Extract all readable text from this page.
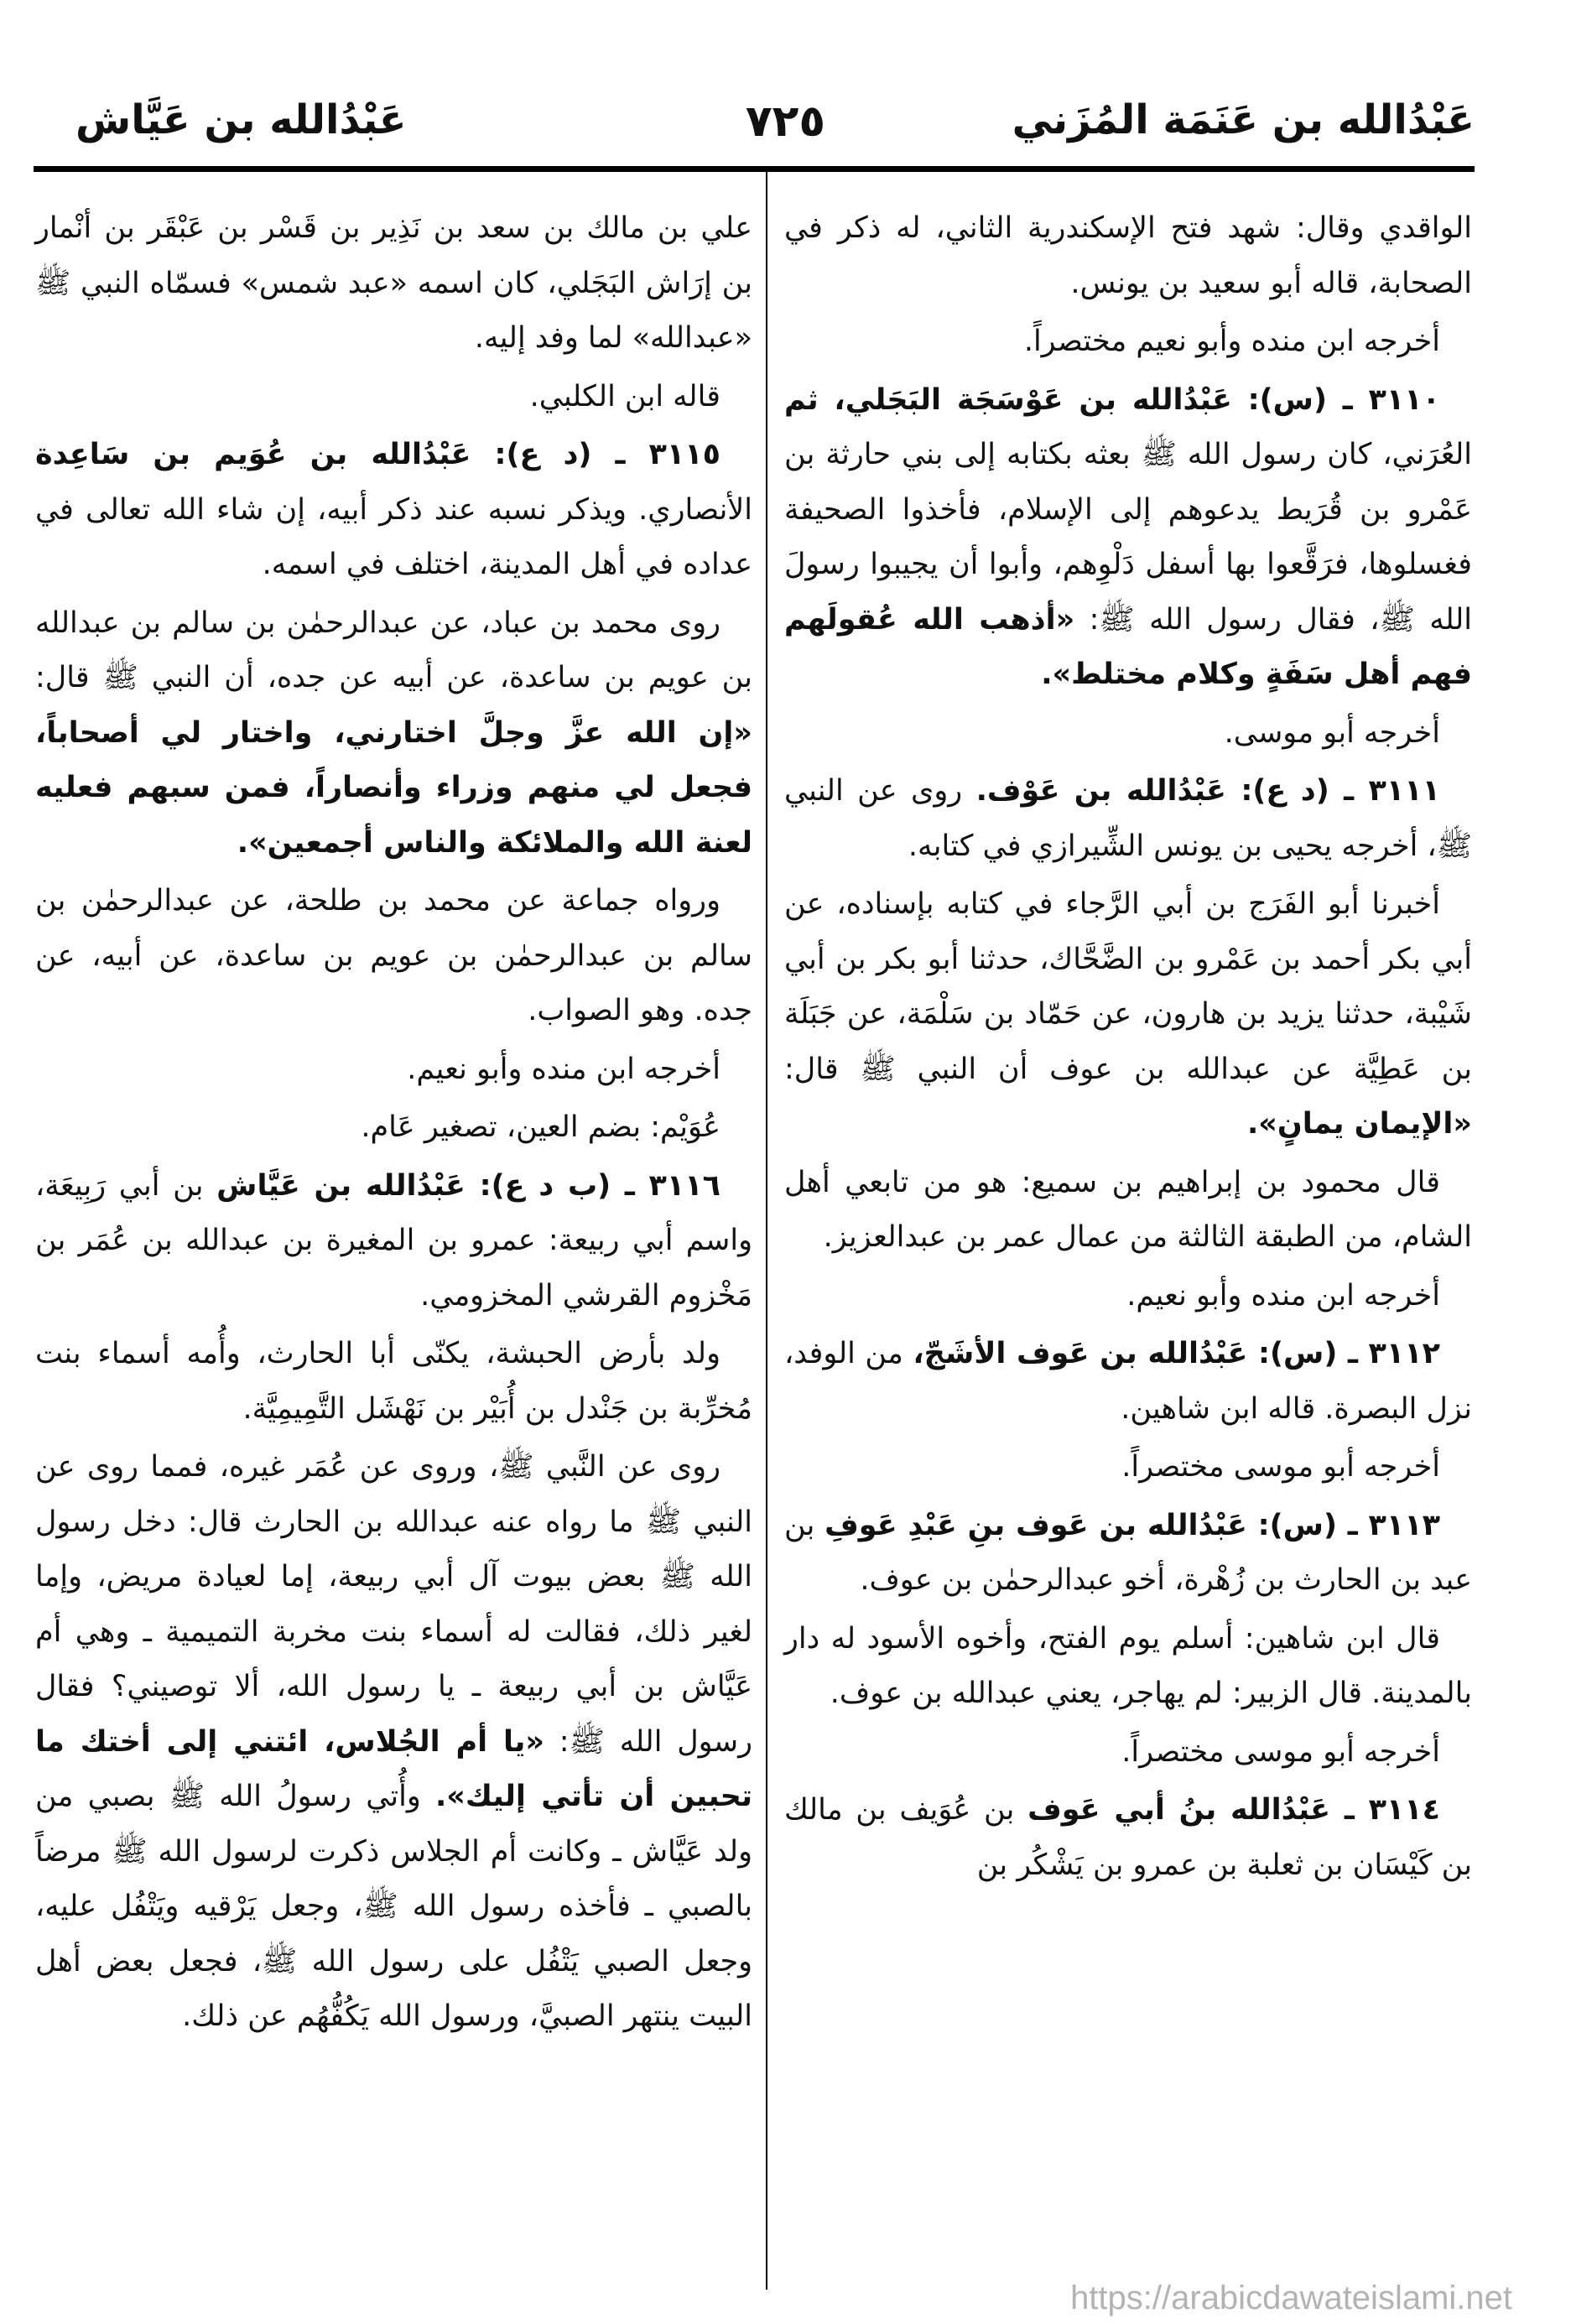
عَبْدُالله بن عَنَمَة المُزَني
٧٢٥
عَبْدُالله بن عَيَّاش

الواقدي وقال: شهد فتح الإسكندرية الثاني، له ذكر في الصحابة، قاله أبو سعيد بن يونس.

أخرجه ابن منده وأبو نعيم مختصراً.

٣١١٠ ـ (س): عَبْدُالله بن عَوْسَجَة البَجَلي، ثم العُرَني، كان رسول الله ﷺ بعثه بكتابه إلى بني حارثة بن عَمْرو بن قُرَيط يدعوهم إلى الإسلام، فأخذوا الصحيفة فغسلوها، فرَقَّعوا بها أسفل دَلْوِهم، وأبوا أن يجيبوا رسولَ الله ﷺ، فقال رسول الله ﷺ: «أذهب الله عُقولَهم فهم أهل سَفَةٍ وكلام مختلط».

أخرجه أبو موسى.

٣١١١ ـ (د ع): عَبْدُالله بن عَوْف. روى عن النبي ﷺ، أخرجه يحيى بن يونس الشِّيرازي في كتابه.

أخبرنا أبو الفَرَج بن أبي الرَّجاء في كتابه بإسناده، عن أبي بكر أحمد بن عَمْرو بن الضَّحَّاك، حدثنا أبو بكر بن أبي شَيْبة، حدثنا يزيد بن هارون، عن حَمّاد بن سَلْمَة، عن جَبَلَة بن عَطِيَّة عن عبدالله بن عوف أن النبي ﷺ قال: «الإيمان يمانٍ».

قال محمود بن إبراهيم بن سميع: هو من تابعي أهل الشام، من الطبقة الثالثة من عمال عمر بن عبدالعزيز.

أخرجه ابن منده وأبو نعيم.

٣١١٢ ـ (س): عَبْدُالله بن عَوف الأشَجّ، من الوفد، نزل البصرة. قاله ابن شاهين.

أخرجه أبو موسى مختصراً.

٣١١٣ ـ (س): عَبْدُالله بن عَوف بنِ عَبْدِ عَوفِ بن عبد بن الحارث بن زُهْرة، أخو عبدالرحمٰن بن عوف.

قال ابن شاهين: أسلم يوم الفتح، وأخوه الأسود له دار بالمدينة. قال الزبير: لم يهاجر، يعني عبدالله بن عوف.

أخرجه أبو موسى مختصراً.

٣١١٤ ـ عَبْدُالله بنُ أبي عَوف بن عُوَيف بن مالك بن كَيْسَان بن ثعلبة بن عمرو بن يَشْكُر بن

علي بن مالك بن سعد بن نَذِير بن قَسْر بن عَبْقَر بن أنْمار بن إرَاش البَجَلي، كان اسمه «عبد شمس» فسمّاه النبي ﷺ «عبدالله» لما وفد إليه.

قاله ابن الكلبي.

٣١١٥ ـ (د ع): عَبْدُالله بن عُوَيم بن سَاعِدة الأنصاري. ويذكر نسبه عند ذكر أبيه، إن شاء الله تعالى في عداده في أهل المدينة، اختلف في اسمه.

روى محمد بن عباد، عن عبدالرحمٰن بن سالم بن عبدالله بن عويم بن ساعدة، عن أبيه عن جده، أن النبي ﷺ قال: «إن الله عزَّ وجلَّ اختارني، واختار لي أصحاباً، فجعل لي منهم وزراء وأنصاراً، فمن سبهم فعليه لعنة الله والملائكة والناس أجمعين».

ورواه جماعة عن محمد بن طلحة، عن عبدالرحمٰن بن سالم بن عبدالرحمٰن بن عويم بن ساعدة، عن أبيه، عن جده. وهو الصواب.

أخرجه ابن منده وأبو نعيم.

عُوَيْم: بضم العين، تصغير عَام.

٣١١٦ ـ (ب د ع): عَبْدُالله بن عَيَّاش بن أبي رَبِيعَة، واسم أبي ربيعة: عمرو بن المغيرة بن عبدالله بن عُمَر بن مَخْزوم القرشي المخزومي.

ولد بأرض الحبشة، يكنّى أبا الحارث، وأُمه أسماء بنت مُخرِّبة بن جَنْدل بن أُبَيْر بن نَهْشَل التَّمِيمِيَّة.

روى عن النَّبي ﷺ، وروى عن عُمَر غيره، فمما روى عن النبي ﷺ ما رواه عنه عبدالله بن الحارث قال: دخل رسول الله ﷺ بعض بيوت آل أبي ربيعة، إما لعيادة مريض، وإما لغير ذلك، فقالت له أسماء بنت مخربة التميمية ـ وهي أم عَيَّاش بن أبي ربيعة ـ يا رسول الله، ألا توصيني؟ فقال رسول الله ﷺ: «يا أم الجُلاس، ائتني إلى أختك ما تحبين أن تأتي إليك». وأُتي رسولُ الله ﷺ بصبي من ولد عَيَّاش ـ وكانت أم الجلاس ذكرت لرسول الله ﷺ مرضاً بالصبي ـ فأخذه رسول الله ﷺ، وجعل يَرْقيه ويَتْفُل عليه، وجعل الصبي يَتْفُل على رسول الله ﷺ، فجعل بعض أهل البيت ينتهر الصبيَّ، ورسول الله يَكُفُّهُم عن ذلك.

https://arabicdawateislami.net
